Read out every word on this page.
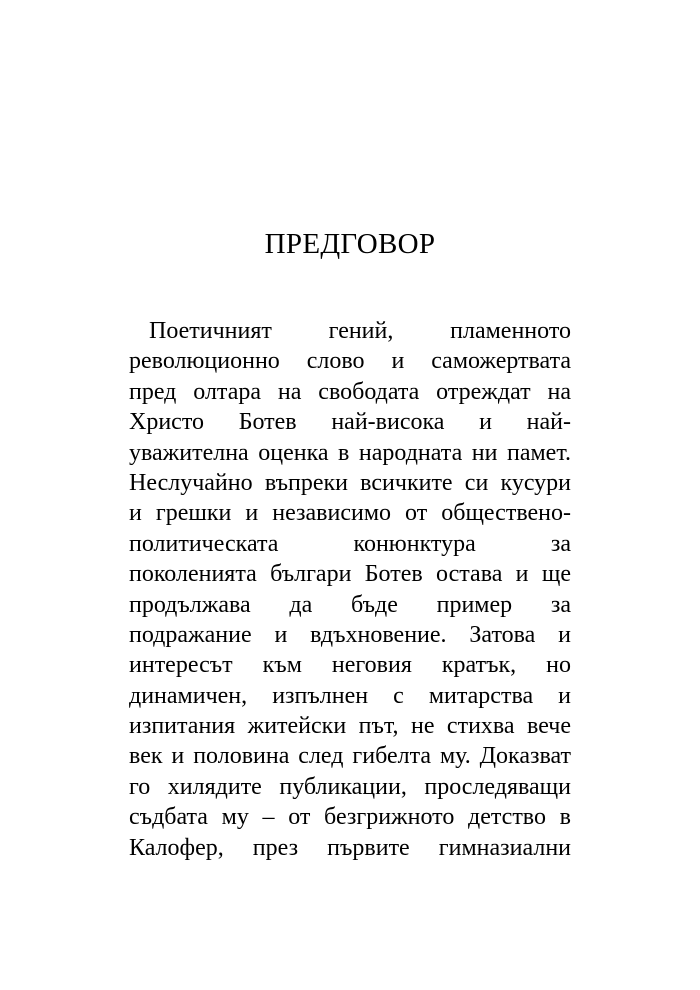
ПРЕДГОВОР
Поетичният гений, пламенното
революционно слово и саможертвата
пред олтара на свободата отреждат на
Христо Ботев най-висока и най-
уважителна оценка в народната ни памет.
Неслучайно въпреки всичките си кусури
и грешки и независимо от обществено-
политическата конюнктура за
поколенията българи Ботев остава и ще
продължава да бъде пример за
подражание и вдъхновение. Затова и
интересът към неговия кратък, но
динамичен, изпълнен с митарства и
изпитания житейски път, не стихва вече
век и половина след гибелта му. Доказват
го хилядите публикации, проследяващи
съдбата му – от безгрижното детство в
Калофер, през първите гимназиални
